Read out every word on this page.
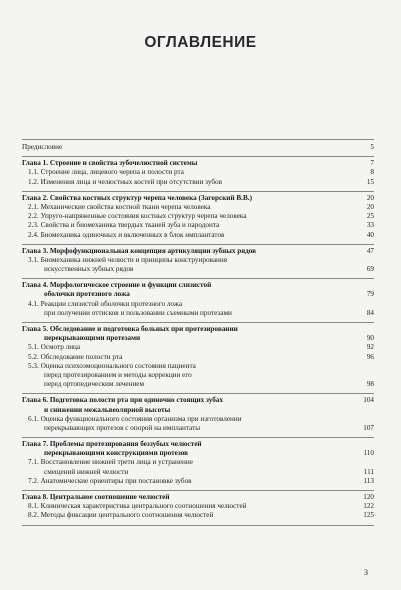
ОГЛАВЛЕНИЕ
Предисловие	5
Глава 1. Строение и свойства зубочелюстной системы	7
1.1. Строение лица, лицевого черепа и полости рта	8
1.2. Изменения лица и челюстных костей при отсутствии зубов	15
Глава 2. Свойства костных структур черепа человека (Загорский В.В.)	20
2.1. Механические свойства костной ткани черепа человека	20
2.2. Упруго-напряженные состояния костных структур черепа человека	25
2.3. Свойства и биомеханика твердых тканей зуба и пародонта	33
2.4. Биомеханика одиночных и включенных в блок имплантатов	40
Глава 3. Морфофункциональная концепция артикуляции зубных рядов	47
3.1. Биомеханика нижней челюсти и принципы конструирования
искусственных зубных рядов	69
Глава 4. Морфологическое строение и функции слизистой
оболочки протезного ложа	79
4.1. Реакции слизистой оболочки протезного ложа
при получении оттисков и пользовании съемными протезами	84
Глава 5. Обследование и подготовка больных при протезировании
перекрывающими протезами	90
5.1. Осмотр лица	92
5.2. Обследование полости рта	96
5.3. Оценка психоэмоционального состояния пациента
перед протезированием и методы коррекции его
перед ортопедическим лечением	98
Глава 6. Подготовка полости рта при одиночно стоящих зубах	104
и снижении межальвеолярной высоты
6.1. Оценка функционального состояния организма при изготовлении
перекрывающих протезов с опорой на имплантаты	107
Глава 7. Проблемы протезирования беззубых челюстей
перекрывающими конструкциями протезов	110
7.1. Восстановление нижней трети лица и устранение
смещений нижней челюсти	111
7.2. Анатомические ориентиры при постановке зубов	113
Глава 8. Центральное соотношение челюстей	120
8.1. Клиническая характеристика центрального соотношения челюстей	122
8.2. Методы фиксации центрального соотношения челюстей	125
3
